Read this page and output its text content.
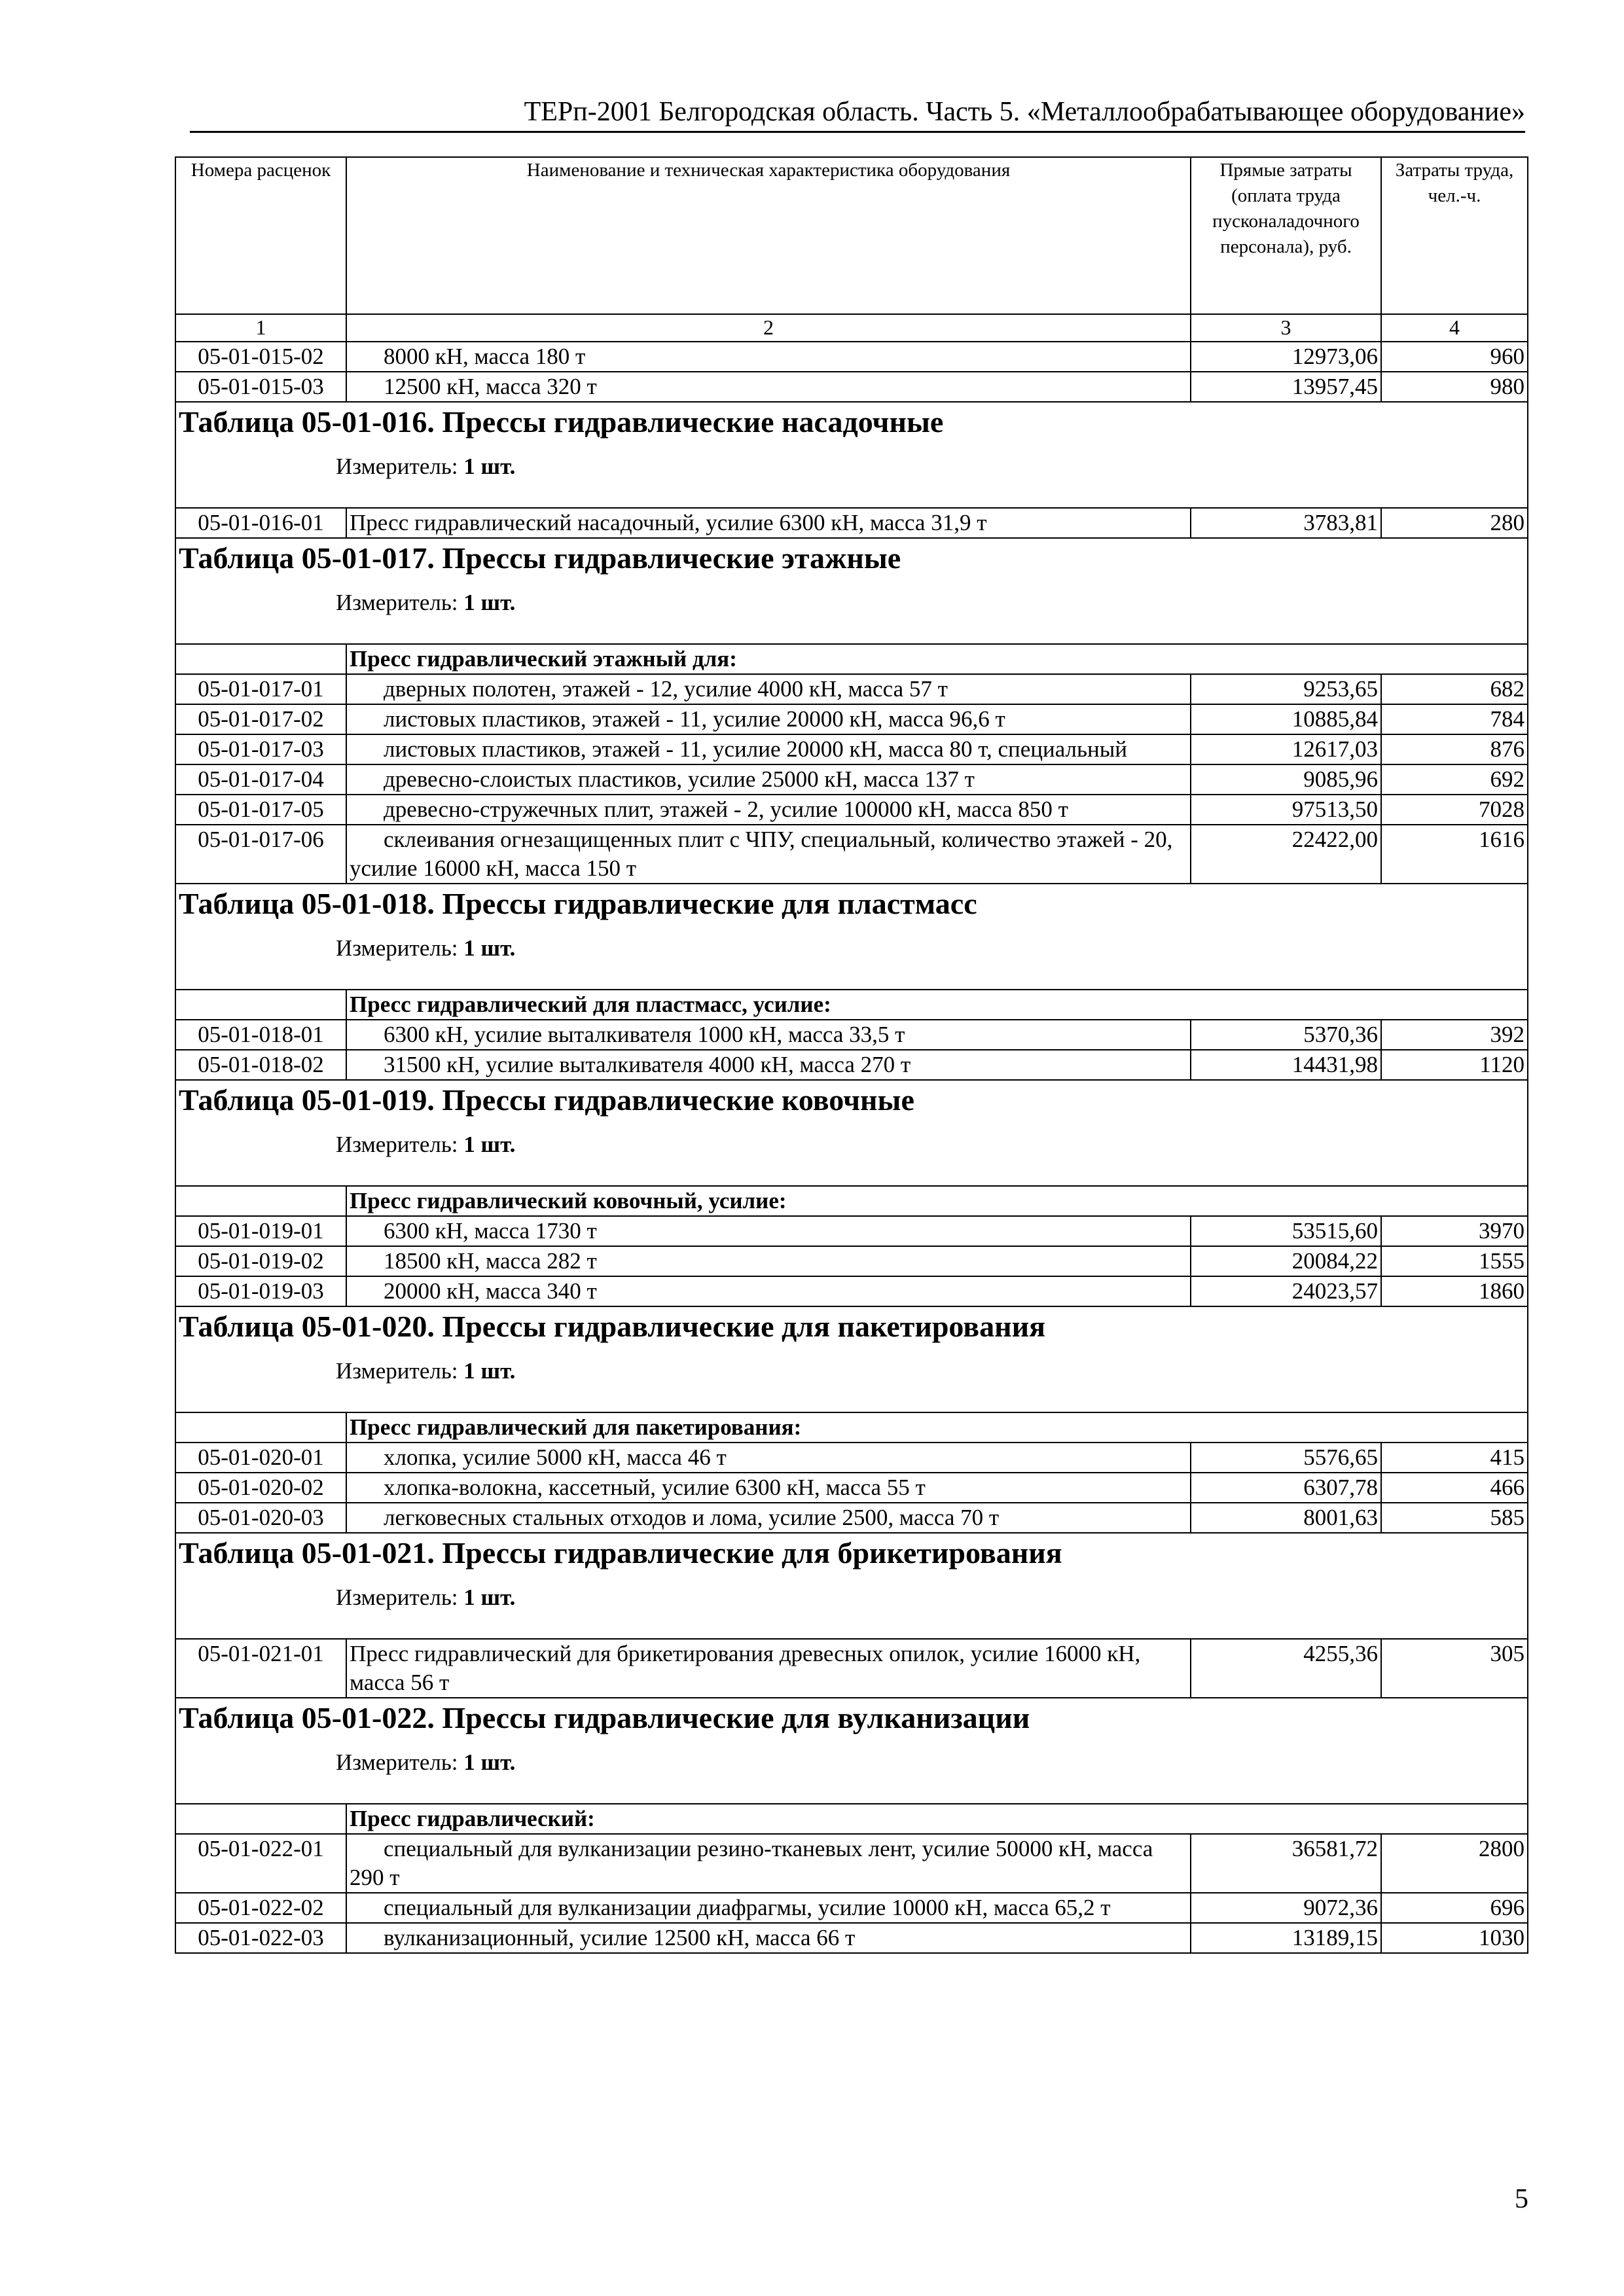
ТЕРп-2001 Белгородская область. Часть 5. «Металлообрабатывающее оборудование»
Номера расценок	Наименование и техническая характеристика оборудования	Прямые затраты (оплата труда пусконаладочного персонала), руб.	Затраты труда, чел.-ч.
1	2	3	4
05-01-015-02	8000 кН, масса 180 т	12973,06	960
05-01-015-03	12500 кН, масса 320 т	13957,45	980

Таблица 05-01-016. Прессы гидравлические насадочные
Измеритель: 1 шт.			

05-01-016-01	Пресс гидравлический насадочный, усилие 6300 кН, масса 31,9 т	3783,81	280

Таблица 05-01-017. Прессы гидравлические этажные
Измеритель: 1 шт.			

	Пресс гидравлический этажный для:		
05-01-017-01	дверных полотен, этажей - 12, усилие 4000 кН, масса 57 т	9253,65	682
05-01-017-02	листовых пластиков, этажей - 11, усилие 20000 кН, масса 96,6 т	10885,84	784
05-01-017-03	листовых пластиков, этажей - 11, усилие 20000 кН, масса 80 т, специальный	12617,03	876
05-01-017-04	древесно-слоистых пластиков, усилие 25000 кН, масса 137 т	9085,96	692
05-01-017-05	древесно-стружечных плит, этажей - 2, усилие 100000 кН, масса 850 т	97513,50	7028
05-01-017-06	склеивания огнезащищенных плит с ЧПУ, специальный, количество этажей - 20, усилие 16000 кН, масса 150 т	22422,00	1616

Таблица 05-01-018. Прессы гидравлические для пластмасс
Измеритель: 1 шт.			

	Пресс гидравлический для пластмасс, усилие:		
05-01-018-01	6300 кН, усилие выталкивателя 1000 кН, масса 33,5 т	5370,36	392
05-01-018-02	31500 кН, усилие выталкивателя 4000 кН, масса 270 т	14431,98	1120

Таблица 05-01-019. Прессы гидравлические ковочные
Измеритель: 1 шт.			

	Пресс гидравлический ковочный, усилие:		
05-01-019-01	6300 кН, масса 1730 т	53515,60	3970
05-01-019-02	18500 кН, масса 282 т	20084,22	1555
05-01-019-03	20000 кН, масса 340 т	24023,57	1860

Таблица 05-01-020. Прессы гидравлические для пакетирования
Измеритель: 1 шт.			

	Пресс гидравлический для пакетирования:		
05-01-020-01	хлопка, усилие 5000 кН, масса 46 т	5576,65	415
05-01-020-02	хлопка-волокна, кассетный, усилие 6300 кН, масса 55 т	6307,78	466
05-01-020-03	легковесных стальных отходов и лома, усилие 2500, масса 70 т	8001,63	585

Таблица 05-01-021. Прессы гидравлические для брикетирования
Измеритель: 1 шт.			

05-01-021-01	Пресс гидравлический для брикетирования древесных опилок, усилие 16000 кН, масса 56 т	4255,36	305

Таблица 05-01-022. Прессы гидравлические для вулканизации
Измеритель: 1 шт.			

	Пресс гидравлический:		
05-01-022-01	специальный для вулканизации резино-тканевых лент, усилие 50000 кН, масса 290 т	36581,72	2800
05-01-022-02	специальный для вулканизации диафрагмы, усилие 10000 кН, масса 65,2 т	9072,36	696
05-01-022-03	вулканизационный, усилие 12500 кН, масса 66 т	13189,15	1030
5
